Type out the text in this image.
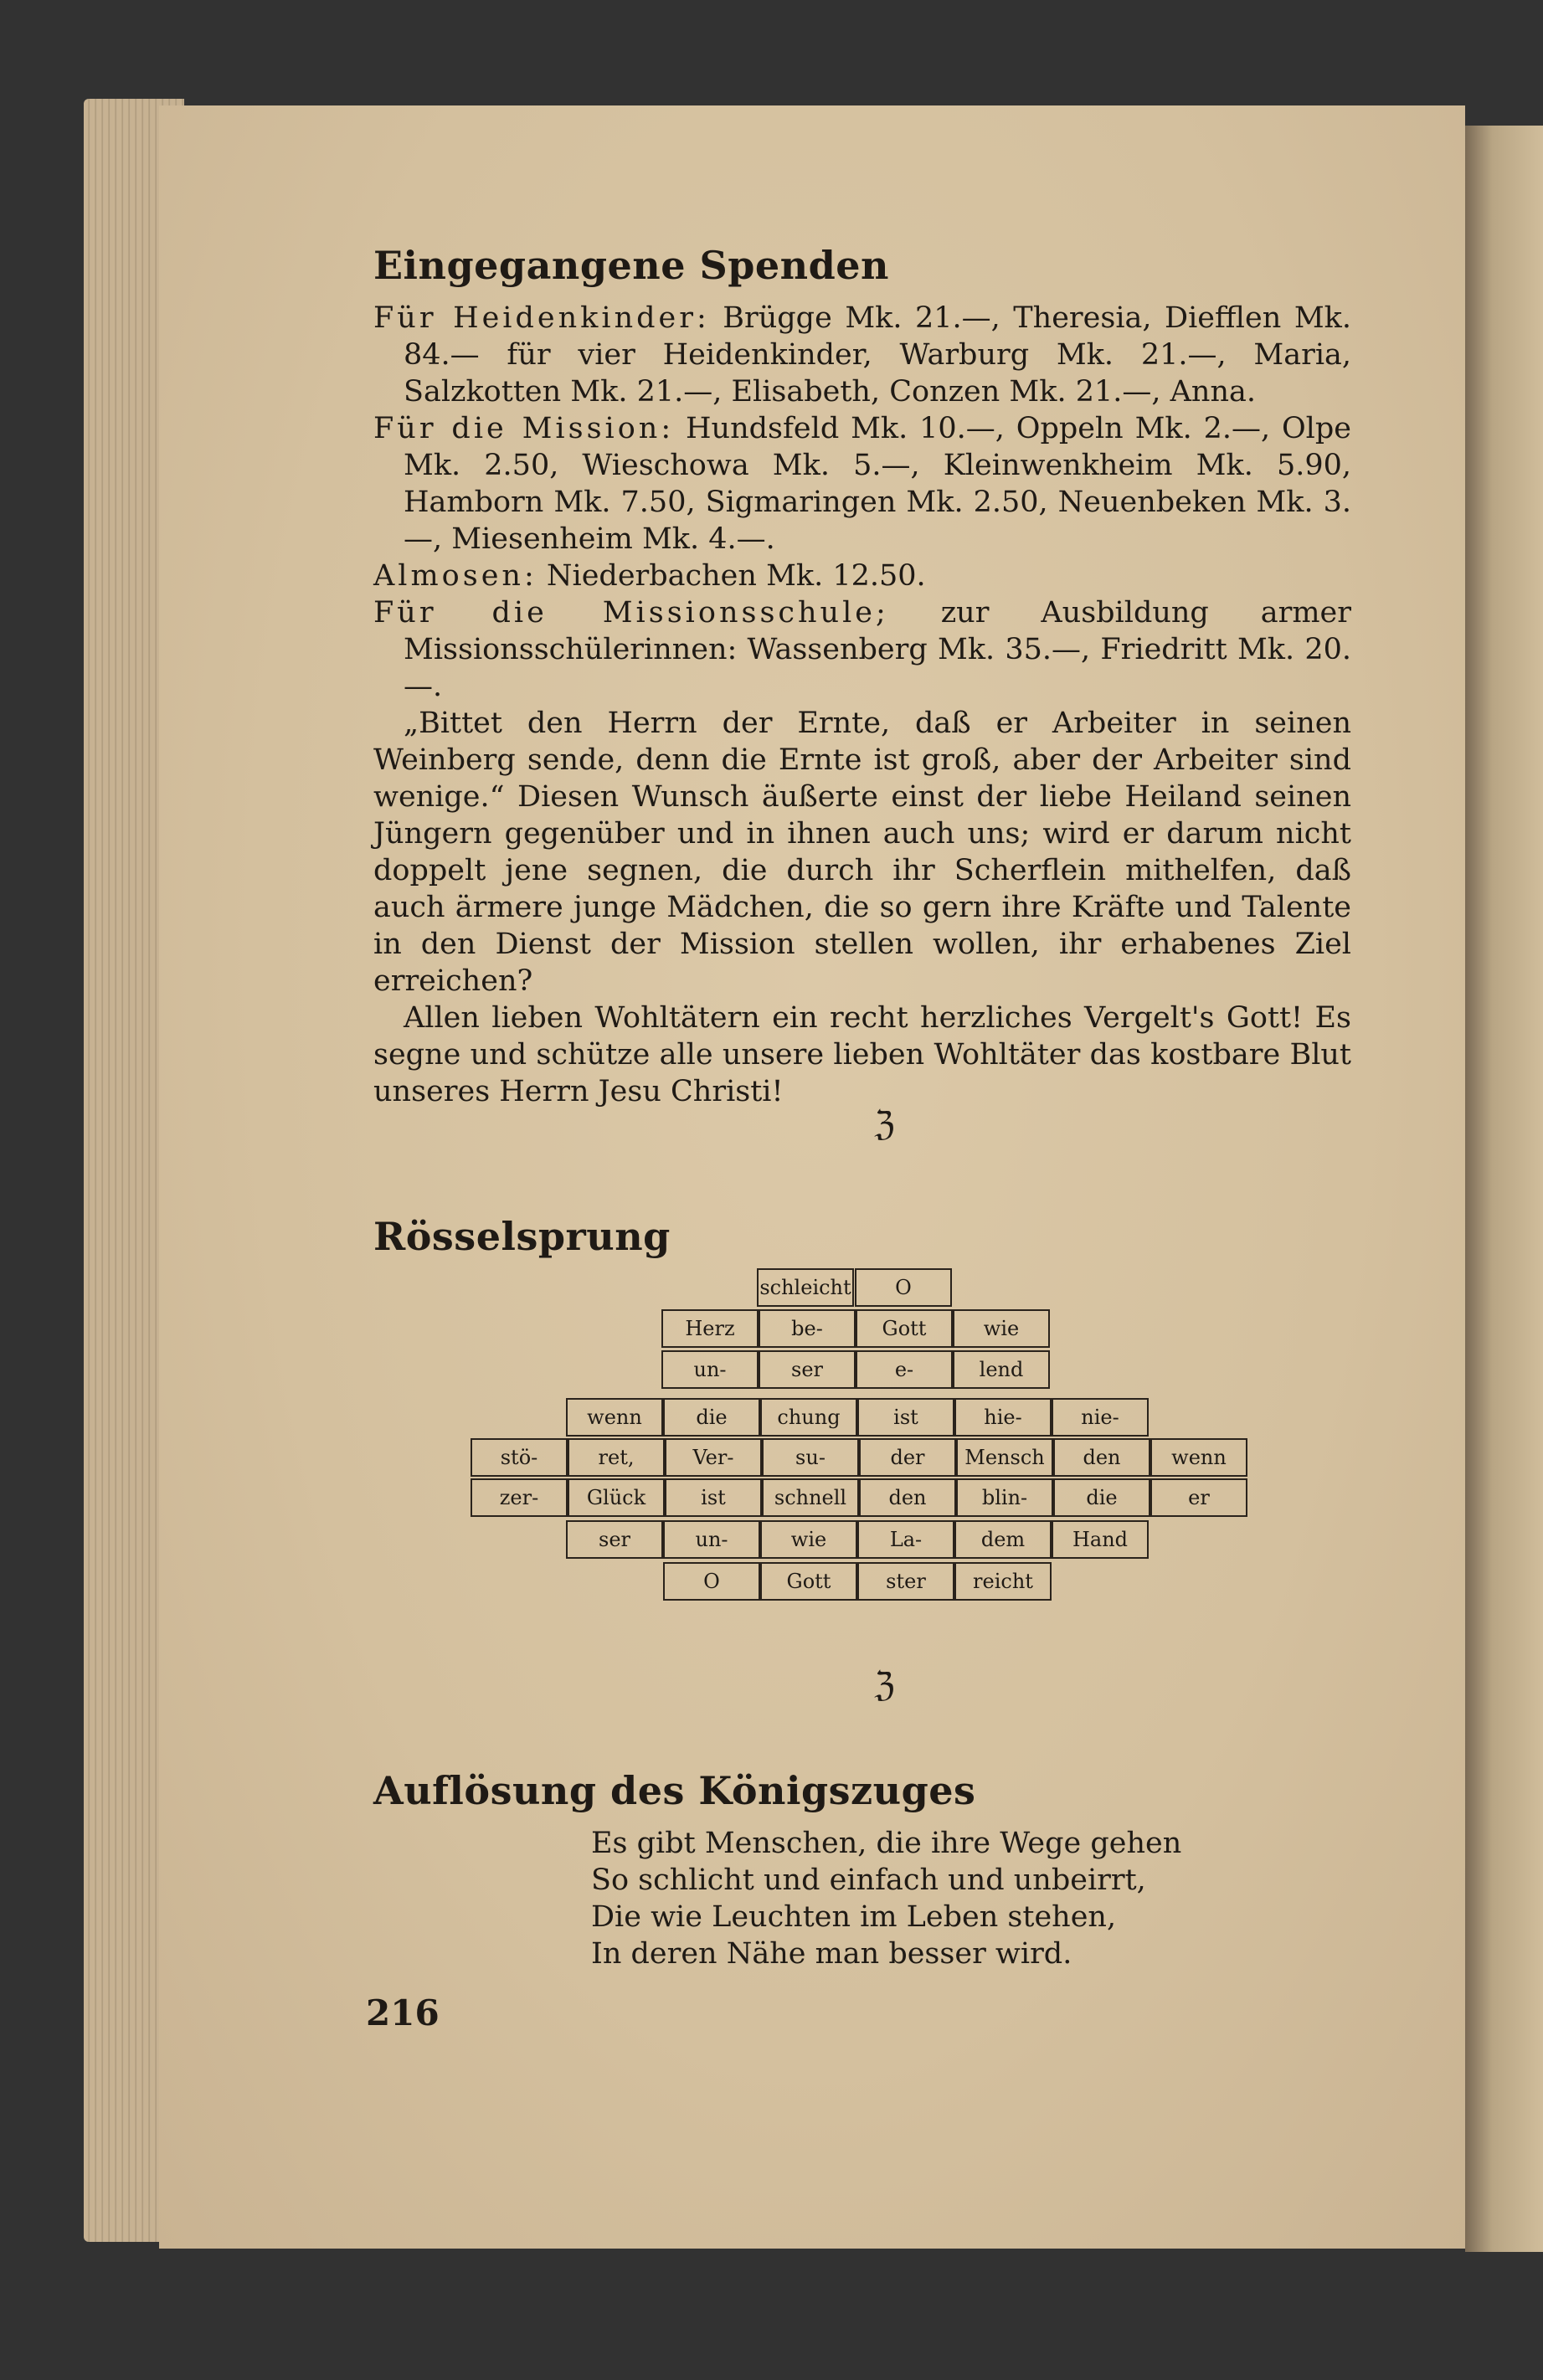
Eingegangene Spenden

Für Heidenkinder: Brügge Mk. 21.—, Theresia, Diefflen Mk. 84.— für vier Heidenkinder, Warburg Mk. 21.—, Maria, Salzkotten Mk. 21.—, Elisabeth, Conzen Mk. 21.—, Anna.

Für die Mission: Hundsfeld Mk. 10.—, Oppeln Mk. 2.—, Olpe Mk. 2.50, Wieschowa Mk. 5.—, Kleinwenkheim Mk. 5.90, Hamborn Mk. 7.50, Sigmaringen Mk. 2.50, Neuenbeken Mk. 3.—, Miesenheim Mk. 4.—.

Almosen: Niederbachen Mk. 12.50.

Für die Missionsschule; zur Ausbildung armer Missionsschülerinnen: Wassenberg Mk. 35.—, Friedritt Mk. 20.—.

„Bittet den Herrn der Ernte, daß er Arbeiter in seinen Weinberg sende, denn die Ernte ist groß, aber der Arbeiter sind wenige.“ Diesen Wunsch äußerte einst der liebe Heiland seinen Jüngern gegenüber und in ihnen auch uns; wird er darum nicht doppelt jene segnen, die durch ihr Scherflein mithelfen, daß auch ärmere junge Mädchen, die so gern ihre Kräfte und Talente in den Dienst der Mission stellen wollen, ihr erhabenes Ziel erreichen?

Allen lieben Wohltätern ein recht herzliches Vergelt's Gott! Es segne und schütze alle unsere lieben Wohltäter das kostbare Blut unseres Herrn Jesu Christi!

ℨ
Rösselsprung
schleicht	O
Herz	be-	Gott	wie
un-	ser	e-	lend
wenn	die	chung	ist	hie-	nie-
stö-	ret,	Ver-	su-	der	Mensch	den	wenn
zer-	Glück	ist	schnell	den	blin-	die	er
ser	un-	wie	La-	dem	Hand
O	Gott	ster	reicht
ℨ
Auflösung des Königszuges
Es gibt Menschen, die ihre Wege gehen
So schlicht und einfach und unbeirrt,
Die wie Leuchten im Leben stehen,
In deren Nähe man besser wird.
216
